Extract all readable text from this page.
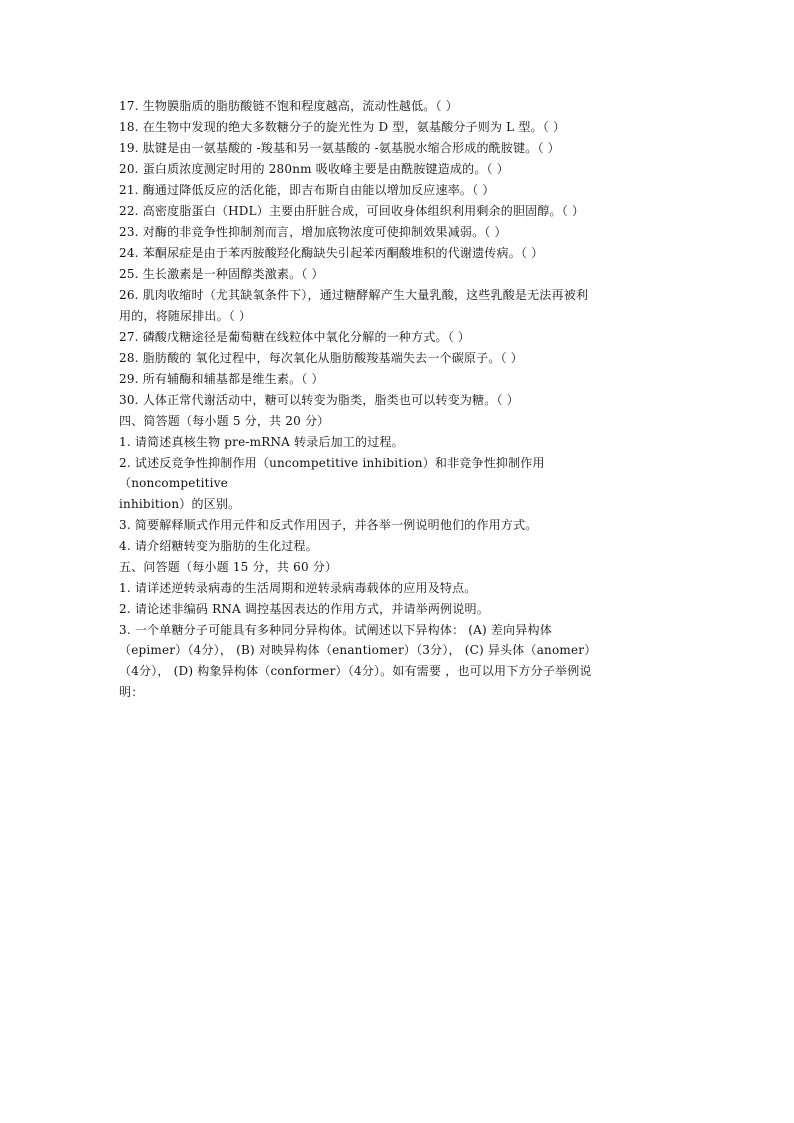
17. 生物膜脂质的脂肪酸链不饱和程度越高，流动性越低。（ ）
18. 在生物中发现的绝大多数糖分子的旋光性为 D 型，氨基酸分子则为 L 型。（ ）
19. 肽键是由一氨基酸的 -羧基和另一氨基酸的 -氨基脱水缩合形成的酰胺键。（ ）
20. 蛋白质浓度测定时用的 280nm 吸收峰主要是由酰胺键造成的。（ ）
21. 酶通过降低反应的活化能，即吉布斯自由能以增加反应速率。（ ）
22. 高密度脂蛋白（HDL）主要由肝脏合成，可回收身体组织利用剩余的胆固醇。（ ）
23. 对酶的非竞争性抑制剂而言，增加底物浓度可使抑制效果减弱。（ ）
24. 苯酮尿症是由于苯丙胺酸羟化酶缺失引起苯丙酮酸堆积的代谢遗传病。（ ）
25. 生长激素是一种固醇类激素。（ ）
26. 肌肉收缩时（尤其缺氧条件下），通过糖酵解产生大量乳酸，这些乳酸是无法再被利
用的，将随尿排出。（ ）
27. 磷酸戊糖途径是葡萄糖在线粒体中氧化分解的一种方式。（ ）
28. 脂肪酸的 氧化过程中，每次氧化从脂肪酸羧基端失去一个碳原子。（ ）
29. 所有辅酶和辅基都是维生素。（ ）
30. 人体正常代谢活动中，糖可以转变为脂类，脂类也可以转变为糖。（ ）
四、简答题（每小题 5 分，共 20 分）
1. 请简述真核生物 pre-mRNA 转录后加工的过程。
2. 试述反竞争性抑制作用（uncompetitive inhibition）和非竞争性抑制作用
（noncompetitive
inhibition）的区别。
3. 简要解释顺式作用元件和反式作用因子，并各举一例说明他们的作用方式。
4. 请介绍糖转变为脂肪的生化过程。
五、问答题（每小题 15 分，共 60 分）
1. 请详述逆转录病毒的生活周期和逆转录病毒载体的应用及特点。
2. 请论述非编码 RNA 调控基因表达的作用方式，并请举两例说明。
3. 一个单糖分子可能具有多种同分异构体。试阐述以下异构体： (A) 差向异构体
（epimer）（4分）， (B) 对映异构体（enantiomer）（3分）， (C) 异头体（anomer）
（4分）， (D) 构象异构体（conformer）（4分）。如有需要 ，也可以用下方分子举例说
明：
